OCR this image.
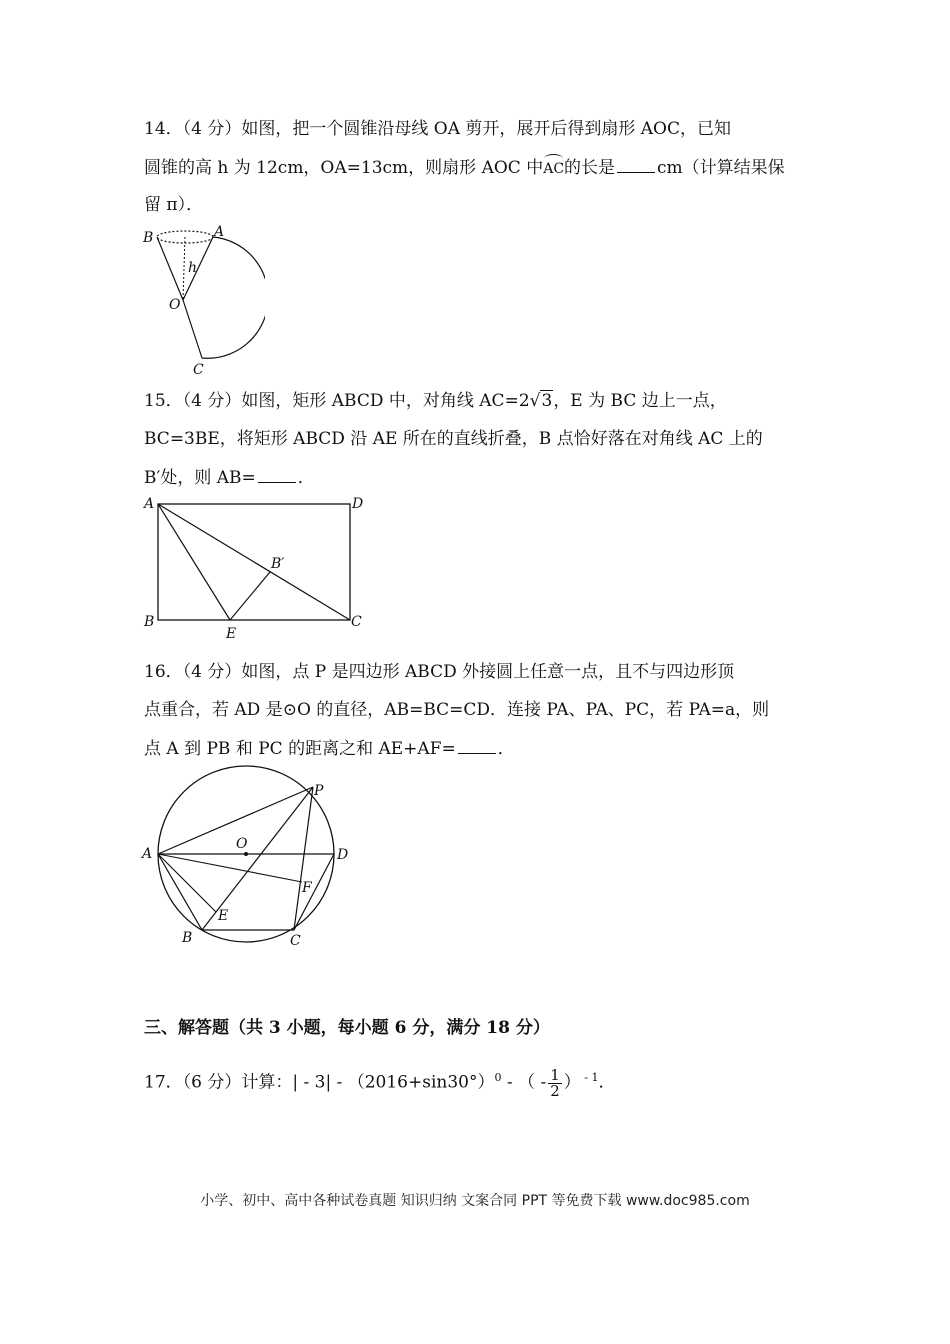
14．（4 分）如图，把一个圆锥沿母线 OA 剪开，展开后得到扇形 AOC，已知
圆锥的高 h 为 12cm，OA=13cm，则扇形 AOC 中AC的长是 cm（计算结果保
留 π）．
B	A
h
O
C
15．（4 分）如图，矩形 ABCD 中，对角线 AC=2√3，E 为 BC 边上一点，
BC=3BE，将矩形 ABCD 沿 AE 所在的直线折叠，B 点恰好落在对角线 AC 上的
B′处，则 AB= ．
A	D
B
E
C
B′
16．（4 分）如图，点 P 是四边形 ABCD 外接圆上任意一点，且不与四边形顶
点重合，若 AD 是⊙O 的直径，AB=BC=CD．连接 PA、PA、PC，若 PA=a，则
点 A 到 PB 和 PC 的距离之和 AE+AF= ．
P
A
O
D
F
E
B	C
三、解答题（共 3 小题，每小题 6 分，满分 18 分）
17．（6 分）计算：| - $3| - (2016+\sin 30^\circ)^0$ - （ - $\frac{1}{2}$ ） $^{- 1}$．
小学、初中、高中各种试卷真题 知识归纳 文案合同 PPT 等免费下载 www.doc985.com
